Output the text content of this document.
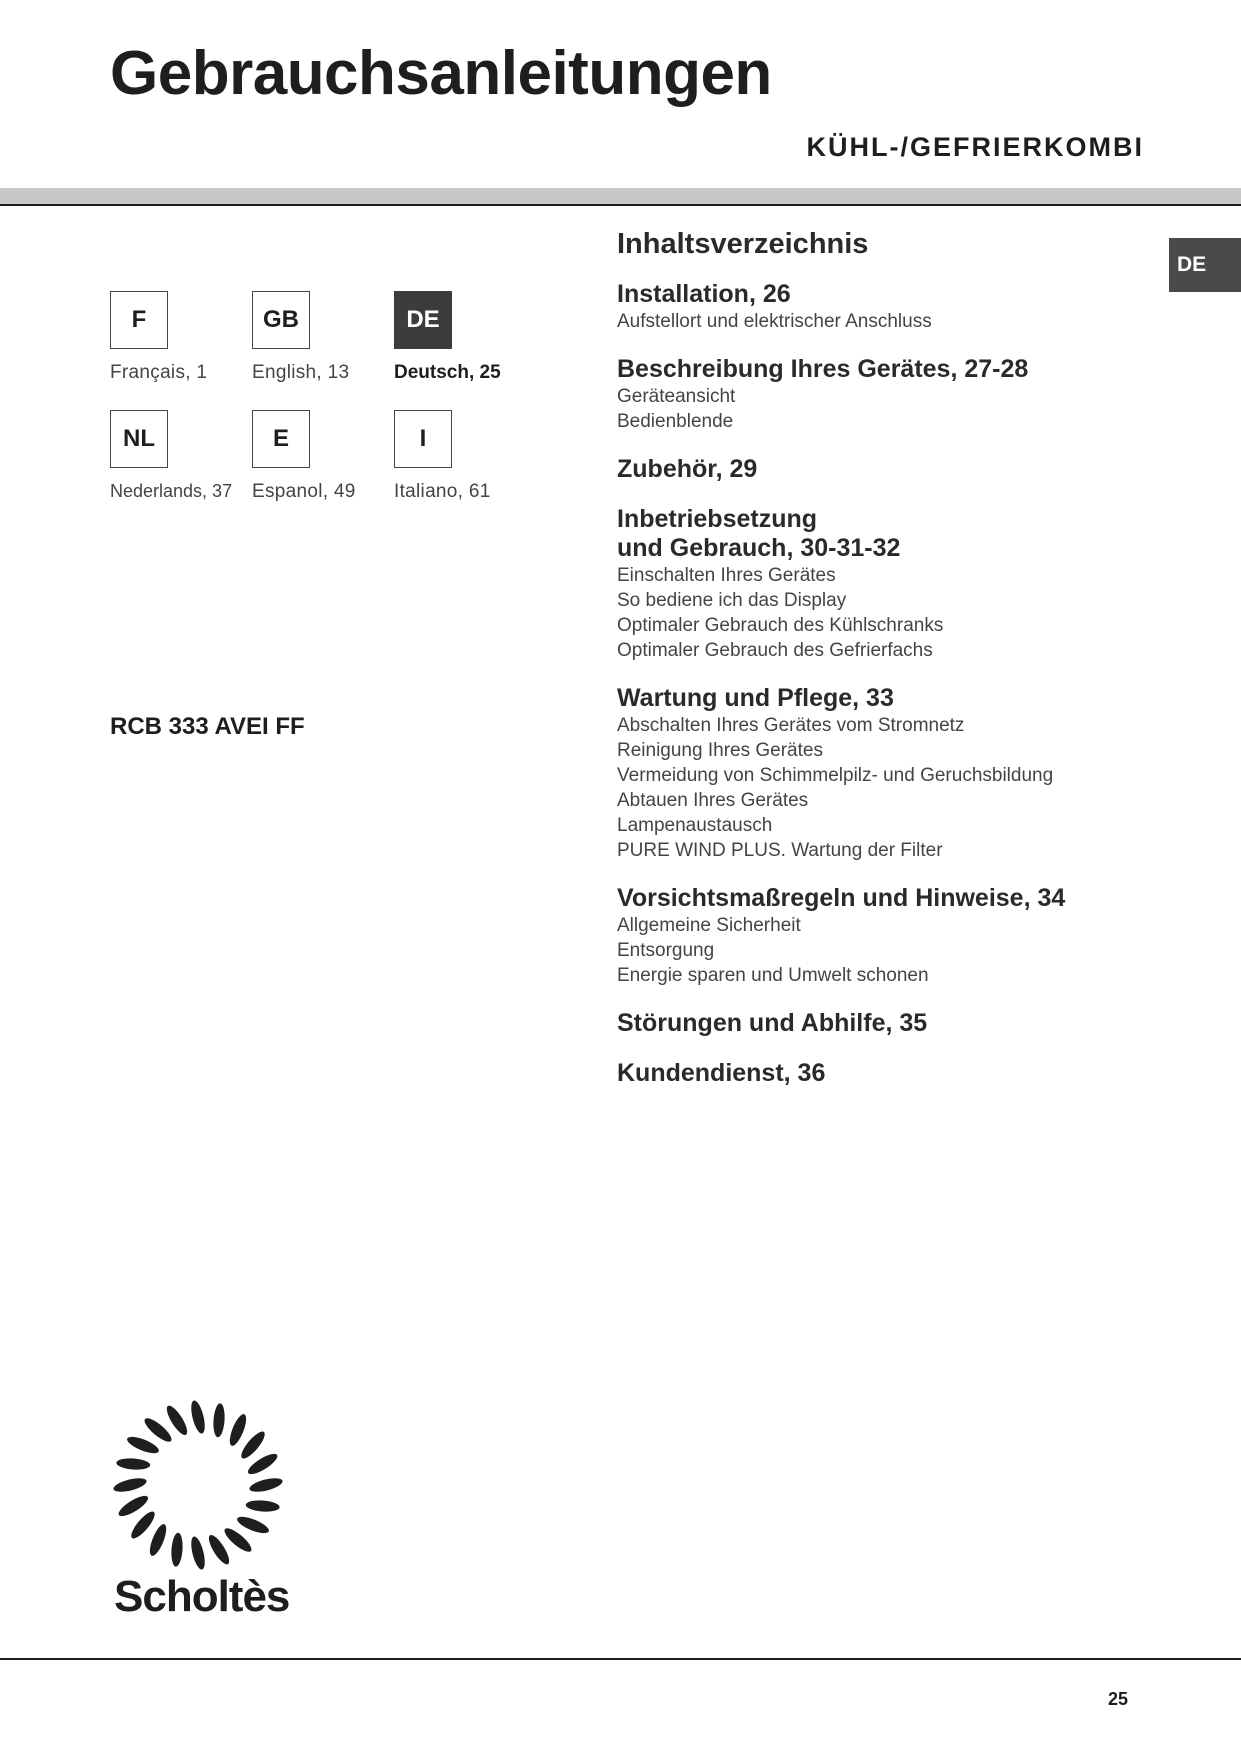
Gebrauchsanleitungen
KÜHL-/GEFRIERKOMBI
DE
F
Français, 1
GB
English, 13
DE
Deutsch, 25
NL
Nederlands, 37
E
Espanol, 49
I
Italiano, 61
RCB 333 AVEI FF
Inhaltsverzeichnis
Installation, 26
Aufstellort und elektrischer Anschluss
Beschreibung Ihres Gerätes, 27-28
Geräteansicht
Bedienblende
Zubehör, 29
Inbetriebsetzung
und Gebrauch, 30-31-32
Einschalten Ihres Gerätes
So bediene ich das Display
Optimaler Gebrauch des Kühlschranks
Optimaler Gebrauch des Gefrierfachs
Wartung und Pflege, 33
Abschalten Ihres Gerätes vom Stromnetz
Reinigung Ihres Gerätes
Vermeidung von Schimmelpilz- und Geruchsbildung
Abtauen Ihres Gerätes
Lampenaustausch
PURE WIND PLUS. Wartung der Filter
Vorsichtsmaßregeln und Hinweise, 34
Allgemeine Sicherheit
Entsorgung
Energie sparen und Umwelt schonen
Störungen und Abhilfe, 35
Kundendienst, 36
Scholtès
25
